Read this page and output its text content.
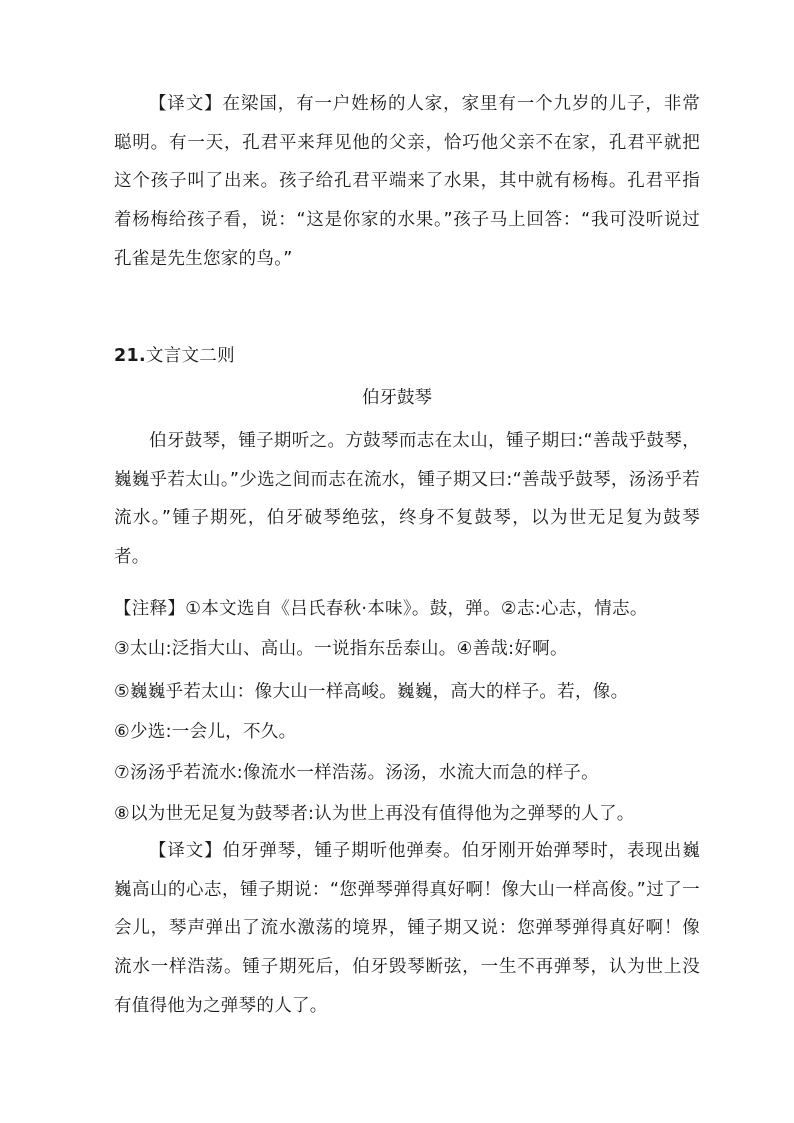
【译文】在梁国，有一户姓杨的人家，家里有一个九岁的儿子，非常聪明。有一天，孔君平来拜见他的父亲，恰巧他父亲不在家，孔君平就把这个孩子叫了出来。孩子给孔君平端来了水果，其中就有杨梅。孔君平指着杨梅给孩子看，说：“这是你家的水果。”孩子马上回答：“我可没听说过孔雀是先生您家的鸟。”
21.文言文二则
伯牙鼓琴
伯牙鼓琴，锺子期听之。方鼓琴而志在太山，锺子期曰:“善哉乎鼓琴，巍巍乎若太山。”少选之间而志在流水，锺子期又曰:“善哉乎鼓琴，汤汤乎若流水。”锺子期死，伯牙破琴绝弦，终身不复鼓琴，以为世无足复为鼓琴者。
【注释】①本文选自《吕氏春秋·本味》。鼓，弹。②志:心志，情志。
③太山:泛指大山、高山。一说指东岳泰山。④善哉:好啊。
⑤巍巍乎若太山：像大山一样高峻。巍巍，高大的样子。若，像。
⑥少选:一会儿，不久。
⑦汤汤乎若流水:像流水一样浩荡。汤汤，水流大而急的样子。
⑧以为世无足复为鼓琴者:认为世上再没有值得他为之弹琴的人了。
【译文】伯牙弹琴，锺子期听他弹奏。伯牙刚开始弹琴时，表现出巍巍高山的心志，锺子期说：“您弹琴弹得真好啊！像大山一样高俊。”过了一会儿，琴声弹出了流水激荡的境界，锺子期又说：您弹琴弹得真好啊！像流水一样浩荡。锺子期死后，伯牙毁琴断弦，一生不再弹琴，认为世上没有值得他为之弹琴的人了。
